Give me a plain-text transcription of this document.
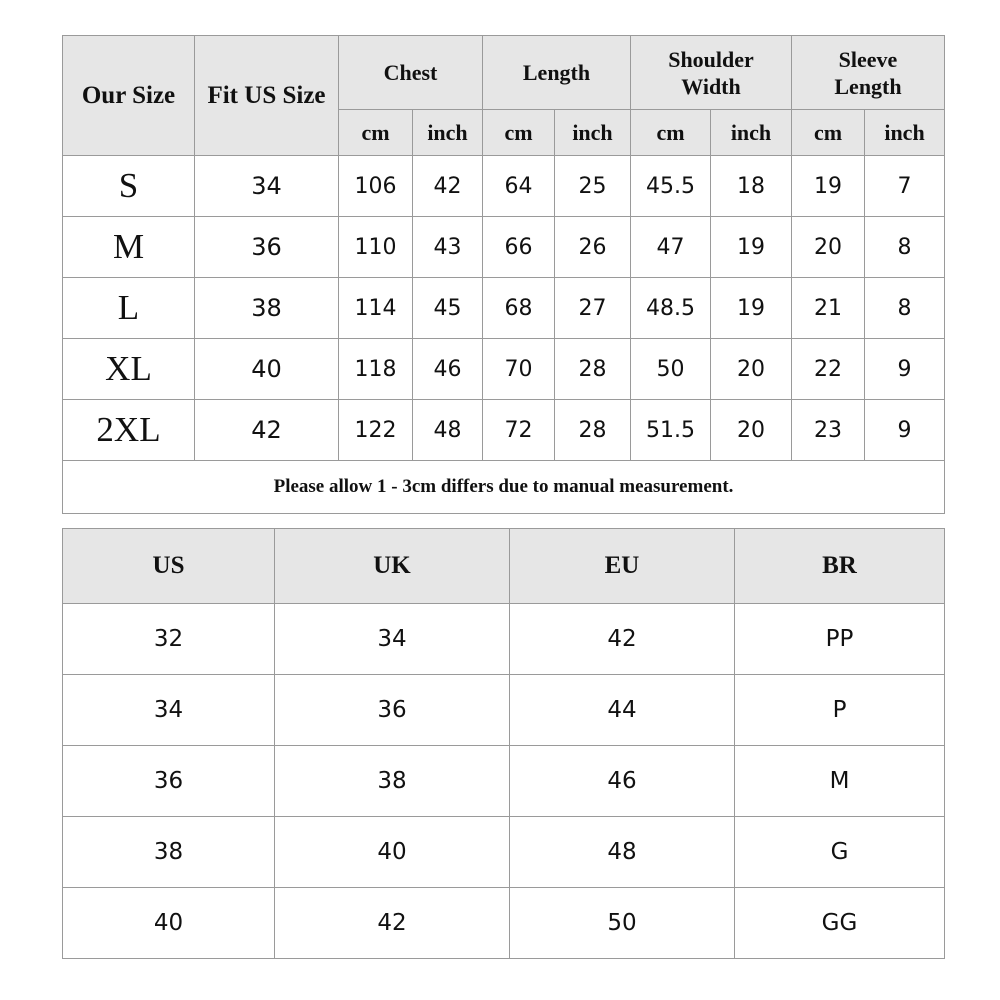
Our Size	Fit US Size	Chest		Length		Shoulder Width		Sleeve Length	
		cm	inch	cm	inch	cm	inch	cm	inch
S	34	106	42	64	25	45.5	18	19	7
M	36	110	43	66	26	47	19	20	8
L	38	114	45	68	27	48.5	19	21	8
XL	40	118	46	70	28	50	20	22	9
2XL	42	122	48	72	28	51.5	20	23	9
Please allow 1 - 3cm differs due to manual measurement.									
US	UK	EU	BR
32	34	42	PP
34	36	44	P
36	38	46	M
38	40	48	G
40	42	50	GG
